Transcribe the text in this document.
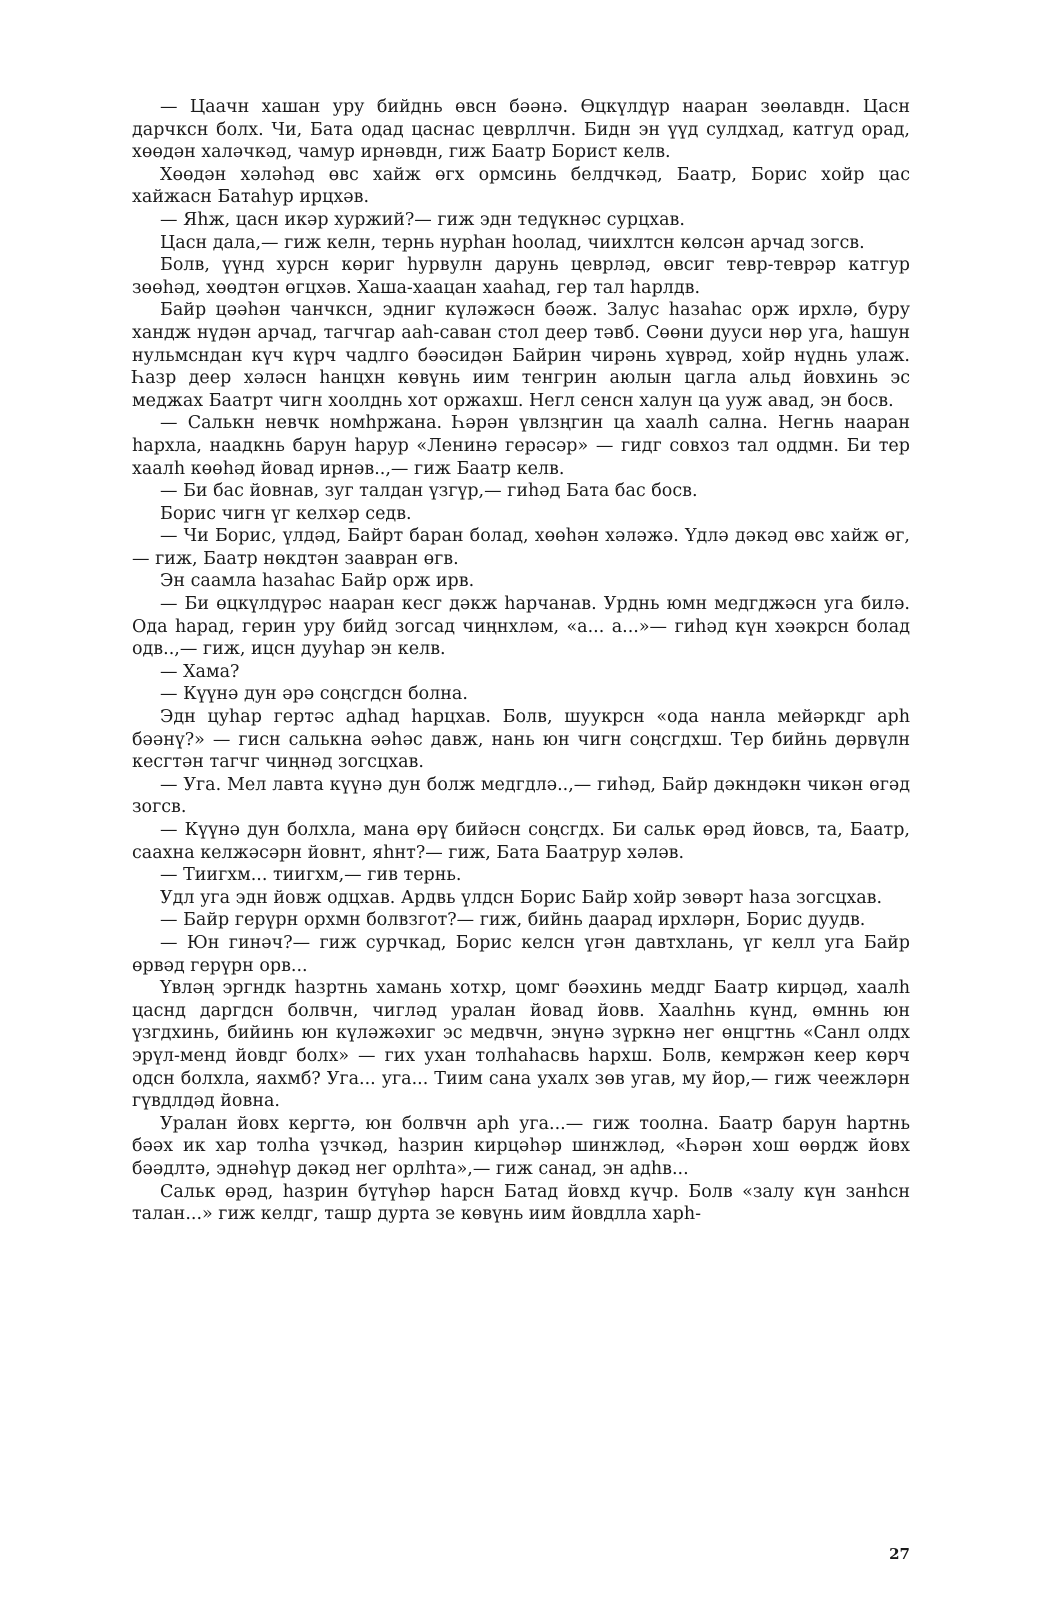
— Цаачн хашан уру бийднь өвсн бәәнә. Өцкүлдүр нааран зөөлавдн. Цасн дарчксн болх. Чи, Бата одад цаснас цеврллчн. Бидн эн үүд сулдхад, катгуд орад, хөөдән халәчкәд, чамур ирнәвдн, гиж Баатр Борист келв.

Хөөдән хәләһәд өвс хайж өгх ормсинь белдчкәд, Баатр, Борис хойр цас хайжасн Батаһур ирцхәв.

— Яһж, цасн икәр хуржий?— гиж эдн тедүкнәс сурцхав.

Цасн дала,— гиж келн, тернь нурһан һоолад, чиихлтсн көлсән арчад зогсв.

Болв, үүнд хурсн көриг һурвулн дарунь цеврләд, өвсиг тевр-теврәр катгур зөөһәд, хөөдтән өгцхәв. Хаша-хаацан хааһад, гер тал һарлдв.

Байр цәәһән чанчксн, эдниг күләжәсн бәәж. Залус һазаһас орж ирхлә, буру хандж нүдән арчад, тагчгар ааһ-саван стол деер тәвб. Сөөни дууси нөр уга, һашун нульмсндан күч күрч чадлго бәәсидән Байрин чирәнь хүврәд, хойр нүднь улаж. Һазр деер хәләсн һанцхн көвүнь иим тенгрин аюлын цагла альд йовхинь эс меджах Баатрт чигн хоолднь хот оржахш. Негл сенсн халун ца ууж авад, эн босв.

— Салькн невчк номһржана. Һәрән үвлзңгин ца хаалһ сална. Негнь нааран һархла, наадкнь барун һарур «Ленинә герәсәр» — гидг совхоз тал оддмн. Би тер хаалһ көөһәд йовад ирнәв..,— гиж Баатр келв.

— Би бас йовнав, зуг талдан үзгүр,— гиһәд Бата бас босв.

Борис чигн үг келхәр седв.

— Чи Борис, үлдәд, Байрт баран болад, хөөһән хәләжә. Үдлә дәкәд өвс хайж өг,— гиж, Баатр нөкдтән заавран өгв.

Эн саамла һазаһас Байр орж ирв.

— Би өцкүлдүрәс нааран кесг дәкж һарчанав. Урднь юмн медгджәсн уга билә. Ода һарад, герин уру бийд зогсад чиңнхләм, «а... а...»— гиһәд күн хәәкрсн болад одв..,— гиж, ицсн дууһар эн келв.

— Хама?

— Күүнә дун әрә соңсгдсн болна.

Эдн цуһар гертәс адһад һарцхав. Болв, шуукрсн «ода нанла мейәркдг арһ бәәнү?» — гисн салькна әәһәс давж, нань юн чигн соңсгдхш. Тер бийнь дөрвүлн кесгтән тагчг чиңнәд зогсцхав.

— Уга. Мел лавта күүнә дун болж медгдлә..,— гиһәд, Байр дәкндәкн чикән өгәд зогсв.

— Күүнә дун болхла, мана өрү бийәсн соңсгдх. Би сальк өрәд йовсв, та, Баатр, саахна келжәсәрн йовнт, яһнт?— гиж, Бата Баатрур хәләв.

— Тиигхм... тиигхм,— гив тернь.

Удл уга эдн йовж одцхав. Ардвь үлдсн Борис Байр хойр зөвәрт һаза зогсцхав.

— Байр герүрн орхмн болвзгот?— гиж, бийнь даарад ирхләрн, Борис дуудв.

— Юн гинәч?— гиж сурчкад, Борис келсн үгән давтхлань, үг келл уга Байр өрвәд герүрн орв...

Үвләң эргндк һазртнь хамань хотхр, цомг бәәхинь меддг Баатр кирцәд, хаалһ цаснд даргдсн болвчн, чигләд уралан йовад йовв. Хаалһнь күнд, өмннь юн үзгдхинь, бийинь юн күләжәхиг эс медвчн, энүнә зүркнә нег өнцгтнь «Санл олдх эрүл-менд йовдг болх» — гих ухан толһаһасвь һархш. Болв, кемржән кеер көрч одсн болхла, яахмб? Уга... уга... Тиим сана ухалх зөв угав, му йор,— гиж чеежләрн гүвдлдәд йовна.

Уралан йовх кергтә, юн болвчн арһ уга...— гиж тоолна. Баатр барун һартнь бәәх ик хар толһа үзчкәд, һазрин кирцәһәр шинжләд, «Һәрән хош өөрдж йовх бәәдлтә, эднәһүр дәкәд нег орлһта»,— гиж санад, эн адһв...

Сальк өрәд, һазрин бүтүһәр һарсн Батад йовхд күчр. Болв «залу күн занһсн талан...» гиж келдг, ташр дурта зе көвүнь иим йовдлла харһ-

27
